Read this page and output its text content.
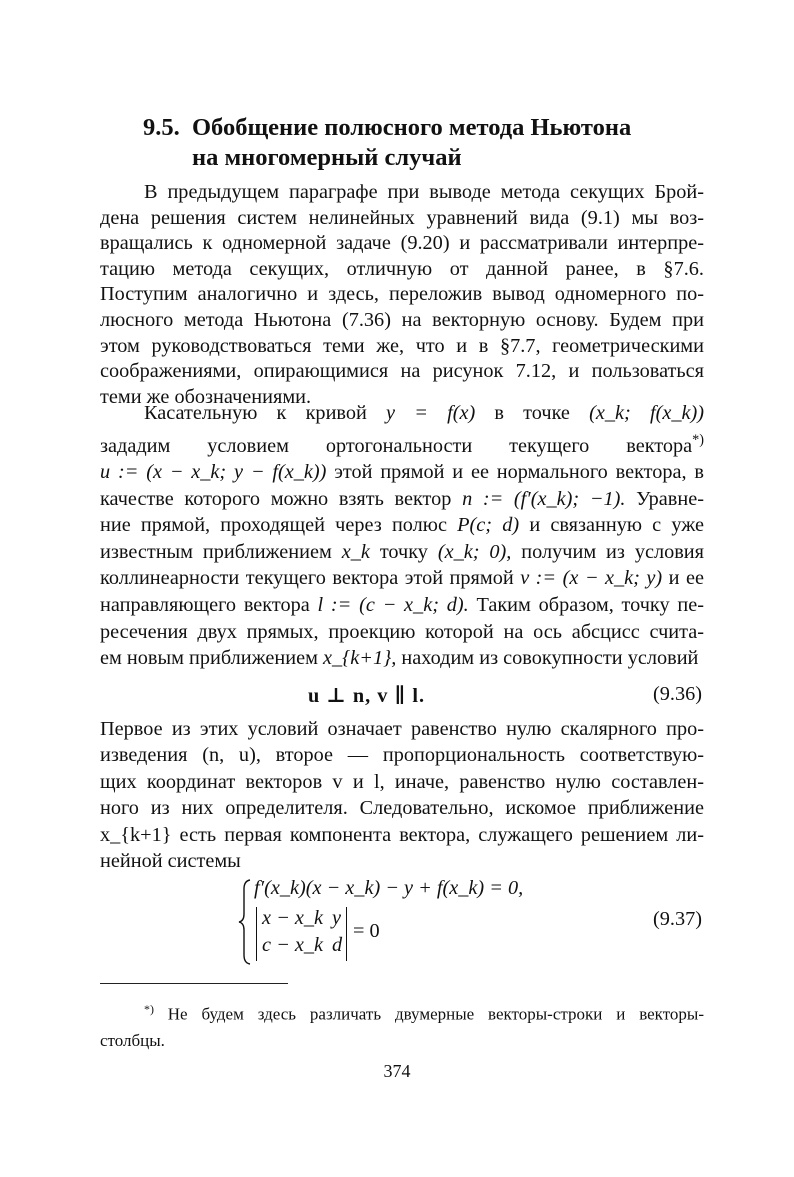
9.5. Обобщение полюсного метода Ньютона
на многомерный случай
В предыдущем параграфе при выводе метода секущих Брой-
дена решения систем нелинейных уравнений вида (9.1) мы воз-
вращались к одномерной задаче (9.20) и рассматривали интерпре-
тацию метода секущих, отличную от данной ранее, в §7.6.
Поступим аналогично и здесь, переложив вывод одномерного по-
люсного метода Ньютона (7.36) на векторную основу. Будем при
этом руководствоваться теми же, что и в §7.7, геометрическими
соображениями, опирающимися на рисунок 7.12, и пользоваться
теми же обозначениями.
Касательную к кривой y = f(x) в точке (x_k; f(x_k))
зададим условием ортогональности текущего вектора*)
u := (x − x_k; y − f(x_k)) этой прямой и ее нормального вектора, в
качестве которого можно взять вектор n := (f′(x_k); −1). Уравне-
ние прямой, проходящей через полюс P(c; d) и связанную с уже
известным приближением x_k точку (x_k; 0), получим из условия
коллинеарности текущего вектора этой прямой v := (x − x_k; y) и ее
направляющего вектора l := (c − x_k; d). Таким образом, точку пе-
ресечения двух прямых, проекцию которой на ось абсцисс счита-
ем новым приближением x_{k+1}, находим из совокупности условий
u ⊥ n, v ∥ l.	(9.36)
Первое из этих условий означает равенство нулю скалярного про-
изведения (n, u), второе — пропорциональность соответствую-
щих координат векторов v и l, иначе, равенство нулю составлен-
ного из них определителя. Следовательно, искомое приближение
x_{k+1} есть первая компонента вектора, служащего решением ли-
нейной системы
f′(x_k)(x − x_k) − y + f(x_k) = 0,
x − x_k y
c − x_k d
= 0
(9.37)
*) Не будем здесь различать двумерные векторы-строки и векторы-
столбцы.
374
